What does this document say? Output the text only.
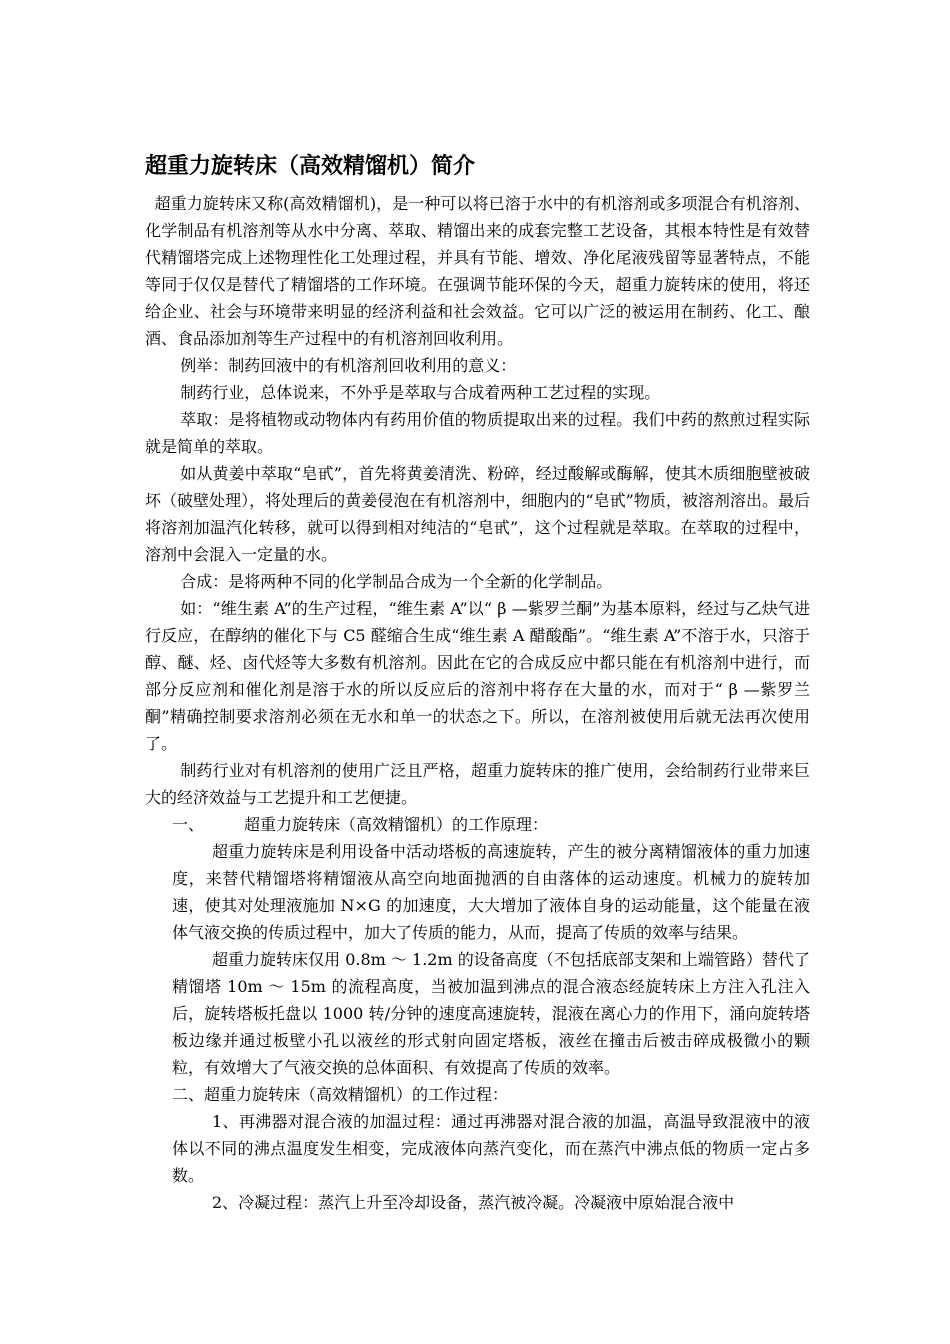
超重力旋转床（高效精馏机）简介

超重力旋转床又称(高效精馏机)，是一种可以将已溶于水中的有机溶剂或多项混合有机溶剂、化学制品有机溶剂等从水中分离、萃取、精馏出来的成套完整工艺设备，其根本特性是有效替代精馏塔完成上述物理性化工处理过程，并具有节能、增效、净化尾液残留等显著特点，不能等同于仅仅是替代了精馏塔的工作环境。在强调节能环保的今天，超重力旋转床的使用，将还给企业、社会与环境带来明显的经济利益和社会效益。它可以广泛的被运用在制药、化工、酿酒、食品添加剂等生产过程中的有机溶剂回收利用。

例举：制药回液中的有机溶剂回收利用的意义：

制药行业，总体说来，不外乎是萃取与合成着两种工艺过程的实现。

萃取：是将植物或动物体内有药用价值的物质提取出来的过程。我们中药的熬煎过程实际就是简单的萃取。

如从黄姜中萃取“皂甙”，首先将黄姜清洗、粉碎，经过酸解或酶解，使其木质细胞壁被破坏（破壁处理），将处理后的黄姜侵泡在有机溶剂中，细胞内的“皂甙”物质，被溶剂溶出。最后将溶剂加温汽化转移，就可以得到相对纯洁的“皂甙”，这个过程就是萃取。在萃取的过程中，溶剂中会混入一定量的水。

合成：是将两种不同的化学制品合成为一个全新的化学制品。

如：“维生素 A”的生产过程，“维生素 A”以“ β —紫罗兰酮”为基本原料，经过与乙炔气进行反应，在醇纳的催化下与 C5 醛缩合生成“维生素 A 醋酸酯”。“维生素 A”不溶于水，只溶于醇、醚、烃、卤代烃等大多数有机溶剂。因此在它的合成反应中都只能在有机溶剂中进行，而部分反应剂和催化剂是溶于水的所以反应后的溶剂中将存在大量的水，而对于“ β —紫罗兰酮”精确控制要求溶剂必须在无水和单一的状态之下。所以，在溶剂被使用后就无法再次使用了。

制药行业对有机溶剂的使用广泛且严格，超重力旋转床的推广使用，会给制药行业带来巨大的经济效益与工艺提升和工艺便捷。

一、	超重力旋转床（高效精馏机）的工作原理：

超重力旋转床是利用设备中活动塔板的高速旋转，产生的被分离精馏液体的重力加速度，来替代精馏塔将精馏液从高空向地面抛洒的自由落体的运动速度。机械力的旋转加速，使其对处理液施加 N×G 的加速度，大大增加了液体自身的运动能量，这个能量在液体气液交换的传质过程中，加大了传质的能力，从而，提高了传质的效率与结果。

超重力旋转床仅用 0.8m ～ 1.2m 的设备高度（不包括底部支架和上端管路）替代了精馏塔 10m ～ 15m 的流程高度，当被加温到沸点的混合液态经旋转床上方注入孔注入后，旋转塔板托盘以 1000 转/分钟的速度高速旋转，混液在离心力的作用下，涌向旋转塔板边缘并通过板壁小孔以液丝的形式射向固定塔板，液丝在撞击后被击碎成极微小的颗粒，有效增大了气液交换的总体面积、有效提高了传质的效率。

二、超重力旋转床（高效精馏机）的工作过程：

1、再沸器对混合液的加温过程：通过再沸器对混合液的加温，高温导致混液中的液体以不同的沸点温度发生相变，完成液体向蒸汽变化，而在蒸汽中沸点低的物质一定占多数。

2、冷凝过程：蒸汽上升至冷却设备，蒸汽被冷凝。冷凝液中原始混合液中
